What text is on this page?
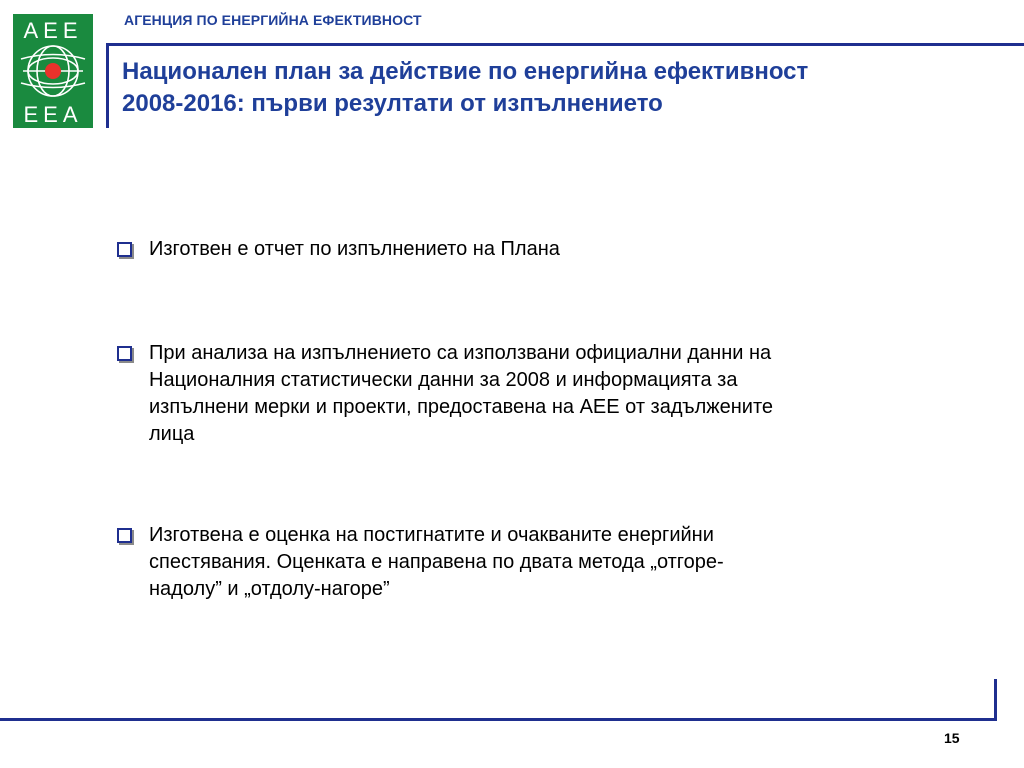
AEE
EEA
АГЕНЦИЯ ПО ЕНЕРГИЙНА ЕФЕКТИВНОСТ
Национален план за действие по енергийна ефективност
2008-2016: първи резултати от изпълнението
Изготвен е отчет по изпълнението на Плана
При анализа на изпълнението са използвани официални данни на
Националния статистически данни за 2008 и информацията за
изпълнени мерки и проекти, предоставена на АЕЕ от задължените
лица
Изготвена е оценка на постигнатите и очакваните енергийни
спестявания. Оценката е направена по двата метода „отгоре-
надолу” и „отдолу-нагоре”
15
